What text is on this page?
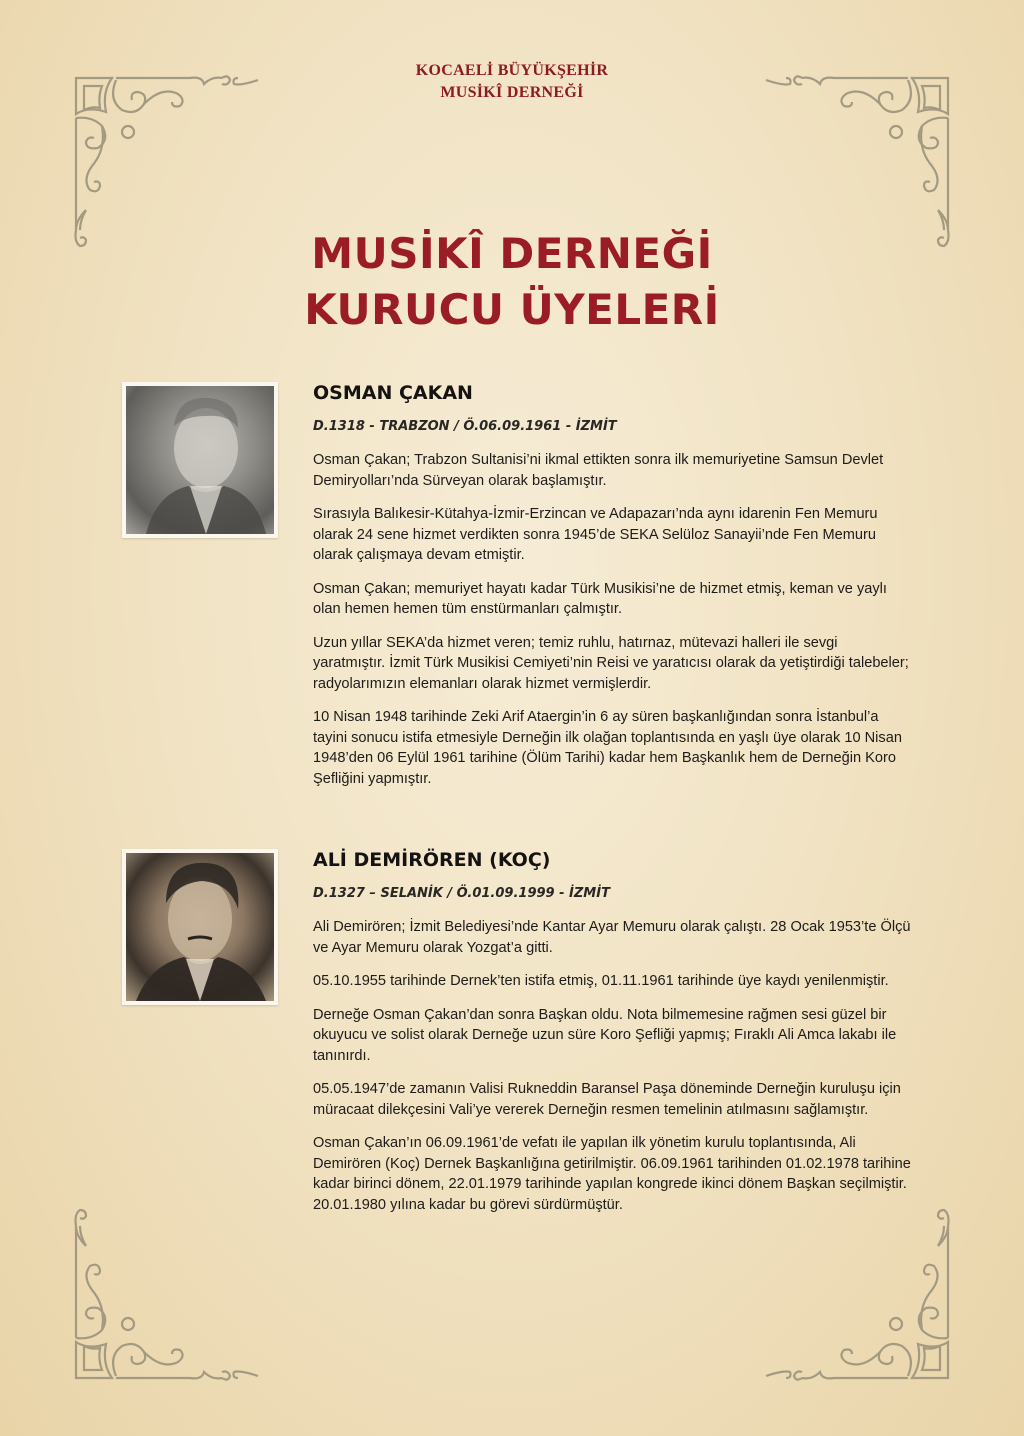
KOCAELİ BÜYÜKŞEHİR
MUSİKÎ DERNEĞİ
MUSİKÎ DERNEĞİ
KURUCU ÜYELERİ
OSMAN ÇAKAN
D.1318 - TRABZON / Ö.06.09.1961 - İZMİT

Osman Çakan; Trabzon Sultanisi’ni ikmal ettikten sonra ilk memuriyetine Samsun Devlet Demiryolları’nda Sürveyan olarak başlamıştır.

Sırasıyla Balıkesir-Kütahya-İzmir-Erzincan ve Adapazarı’nda aynı idarenin Fen Memuru olarak 24 sene hizmet verdikten sonra 1945’de SEKA Selüloz Sanayii’nde Fen Memuru olarak çalışmaya devam etmiştir.

Osman Çakan; memuriyet hayatı kadar Türk Musikisi’ne de hizmet etmiş, keman ve yaylı olan hemen hemen tüm enstürmanları çalmıştır.

Uzun yıllar SEKA’da hizmet veren; temiz ruhlu, hatırnaz, mütevazi halleri ile sevgi yaratmıştır. İzmit Türk Musikisi Cemiyeti’nin Reisi ve yaratıcısı olarak da yetiştirdiği talebeler; radyolarımızın elemanları olarak hizmet vermişlerdir.

10 Nisan 1948 tarihinde Zeki Arif Ataergin’in 6 ay süren başkanlığından sonra İstanbul’a tayini sonucu istifa etmesiyle Derneğin ilk olağan toplantısında en yaşlı üye olarak 10 Nisan 1948’den 06 Eylül 1961 tarihine (Ölüm Tarihi) kadar hem Başkanlık hem de Derneğin Koro Şefliğini yapmıştır.

ALİ DEMİRÖREN (KOÇ)
D.1327 – SELANİK / Ö.01.09.1999 - İZMİT

Ali Demirören; İzmit Belediyesi’nde Kantar Ayar Memuru olarak çalıştı. 28 Ocak 1953’te Ölçü ve Ayar Memuru olarak Yozgat’a gitti.

05.10.1955 tarihinde Dernek’ten istifa etmiş, 01.11.1961 tarihinde üye kaydı yenilenmiştir.

Derneğe Osman Çakan’dan sonra Başkan oldu. Nota bilmemesine rağmen sesi güzel bir okuyucu ve solist olarak Derneğe uzun süre Koro Şefliği yapmış; Fıraklı Ali Amca lakabı ile tanınırdı.

05.05.1947’de zamanın Valisi Rukneddin Baransel Paşa döneminde Derneğin kuruluşu için müracaat dilekçesini Vali’ye vererek Derneğin resmen temelinin atılmasını sağlamıştır.

Osman Çakan’ın 06.09.1961’de vefatı ile yapılan ilk yönetim kurulu toplantısında, Ali Demirören (Koç) Dernek Başkanlığına getirilmiştir. 06.09.1961 tarihinden 01.02.1978 tarihine kadar birinci dönem, 22.01.1979 tarihinde yapılan kongrede ikinci dönem Başkan seçilmiştir. 20.01.1980 yılına kadar bu görevi sürdürmüştür.
